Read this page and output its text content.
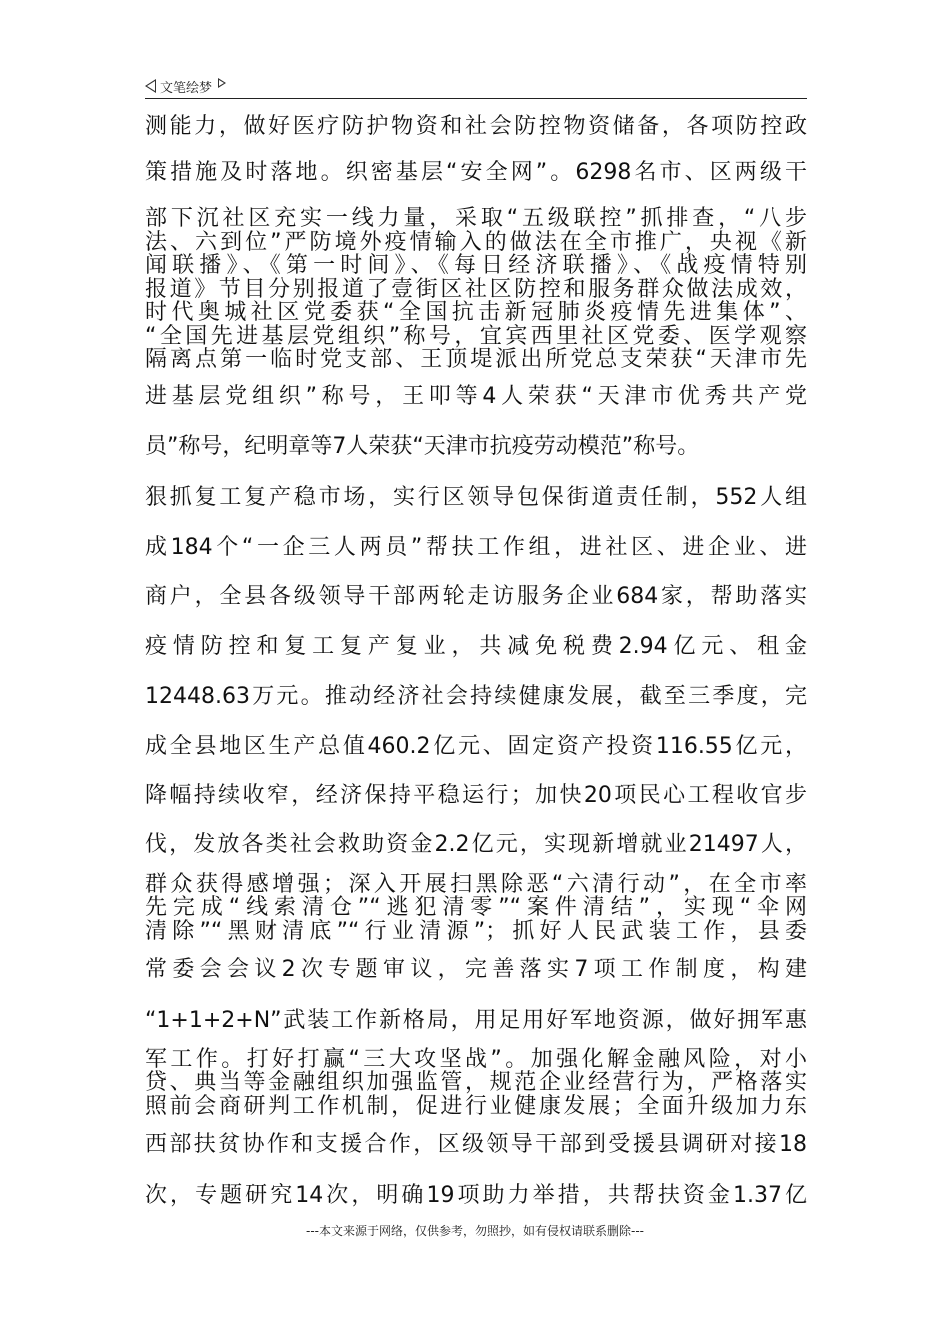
文笔绘梦
测能力，做好医疗防护物资和社会防控物资储备，各项防控政
策措施及时落地。织密基层“安全网”。6298名市、区两级干
部下沉社区充实一线力量，采取“五级联控”抓排查，“八步
法、六到位”严防境外疫情输入的做法在全市推广，央视《新
闻联播》、《第一时间》、《每日经济联播》、《战疫情特别
报道》节目分别报道了壹街区社区防控和服务群众做法成效，
时代奥城社区党委获“全国抗击新冠肺炎疫情先进集体”、
“全国先进基层党组织”称号，宜宾西里社区党委、医学观察
隔离点第一临时党支部、王顶堤派出所党总支荣获“天津市先
进基层党组织”称号，王叩等4人荣获“天津市优秀共产党
员”称号，纪明章等7人荣获“天津市抗疫劳动模范”称号。
狠抓复工复产稳市场，实行区领导包保街道责任制，552人组
成184个“一企三人两员”帮扶工作组，进社区、进企业、进
商户，全县各级领导干部两轮走访服务企业684家，帮助落实
疫情防控和复工复产复业，共减免税费2.94亿元、租金
12448.63万元。推动经济社会持续健康发展，截至三季度，完
成全县地区生产总值460.2亿元、固定资产投资116.55亿元，
降幅持续收窄，经济保持平稳运行；加快20项民心工程收官步
伐，发放各类社会救助资金2.2亿元，实现新增就业21497人，
群众获得感增强；深入开展扫黑除恶“六清行动”，在全市率
先完成“线索清仓”“逃犯清零”“案件清结”，实现“伞网
清除”“黑财清底”“行业清源”；抓好人民武装工作，县委
常委会会议2次专题审议，完善落实7项工作制度，构建
“1+1+2+N”武装工作新格局，用足用好军地资源，做好拥军惠
军工作。打好打赢“三大攻坚战”。加强化解金融风险，对小
贷、典当等金融组织加强监管，规范企业经营行为，严格落实
照前会商研判工作机制，促进行业健康发展；全面升级加力东
西部扶贫协作和支援合作，区级领导干部到受援县调研对接18
次，专题研究14次，明确19项助力举措，共帮扶资金1.37亿
---本文来源于网络，仅供参考，勿照抄，如有侵权请联系删除---
